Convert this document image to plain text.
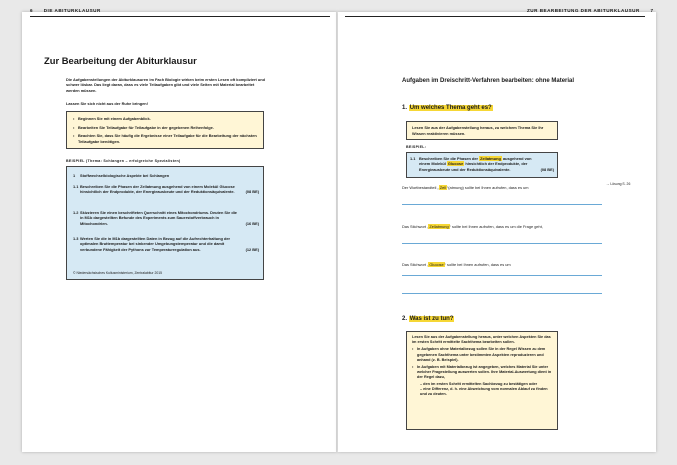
6 DIE ABITURKLAUSUR
Zur Bearbeitung der Abiturklausur
Die Aufgabenstellungen der Abiturklausuren im Fach Biologie wirken beim ersten Lesen oft kompliziert und schwer lösbar. Das liegt daran, dass es viele Teilaufgaben gibt und viele Seiten mit Material bearbeitet werden müssen.
Lassen Sie sich nicht aus der Ruhe bringen!
• Beginnen Sie mit einem Aufgabenblick.
• Bearbeiten Sie Teilaufgabe für Teilaufgabe in der gegebenen Reihenfolge.
• Beachten Sie, dass Sie häufig die Ergebnisse einer Teilaufgabe für die Bearbeitung der nächsten Teilaufgabe benötigen.
BEISPIEL (Thema: Schlangen – erfolgreiche Spezialisten)
1	Stoffwechselbiologische Aspekte bei Schlangen
1.1 Beschreiben Sie die Phasen der Zellatmung ausgehend von einem Molekül Glucose hinsichtlich der Endprodukte, der Energieausbeute und der Reduktionsäquivalente.	(08 BE)
1.2 Skizzieren Sie einen beschrifteten Querschnitt eines Mitochondriums. Deuten Sie die in M1b dargestellten Befunde des Experiments zum Sauerstoffverbrauch in Mitochondrien.	(16 BE)
1.3 Werten Sie die in M1b dargestellten Daten in Bezug auf die Aufrechterhaltung der optimalen Bruttemperatur bei sinkender Umgebungstemperatur und die damit verbundene Fähigkeit der Pythons zur Temperaturregulation aus.	(12 BE)
© Niedersächsisches Kultusministerium, Zentralabitur 2015
ZUR BEARBEITUNG DER ABITURKLAUSUR 7
Aufgaben im Dreischritt-Verfahren bearbeiten: ohne Material
1. Um welches Thema geht es?
Lesen Sie aus der Aufgabenstellung heraus, zu welchem Thema Sie Ihr Wissen reaktivieren müssen.
BEISPIEL:
1.1 Beschreiben Sie die Phasen der Zellatmung ausgehend von einem Molekül Glucose hinsichtlich der Endprodukte, der Energieausbeute und der Reduktionsäquivalente.	(08 BE)
→ Lösung S. 26
Der Wortbestandteil „Zell“(atmung) sollte bei Ihnen aufrufen, dass es um
Das Stichwort „Zellatmung“ sollte bei Ihnen aufrufen, dass es um die Frage geht,
Das Stichwort „Glucose“ sollte bei Ihnen aufrufen, dass es um
2. Was ist zu tun?
Lesen Sie aus der Aufgabenstellung heraus, unter welchen Aspekten Sie das im ersten Schritt ermittelte Sachthema bearbeiten sollen.
• In Aufgaben ohne Materialbezug sollen Sie in der Regel Wissen zu dem gegebenen Sachthema unter bestimmten Aspekten reproduzieren und anhand (z. B. Beispiel).
• In Aufgaben mit Materialbezug ist angegeben, welches Material Sie unter welcher Fragestellung auswerten sollen. Ihre Material-Auswertung dient in der Regel dazu,
– den im ersten Schritt ermittelten Sachbezug zu bestätigen oder
– eine Differenz, d. h. eine Abweichung vom normalen Ablauf zu finden und zu deuten.
